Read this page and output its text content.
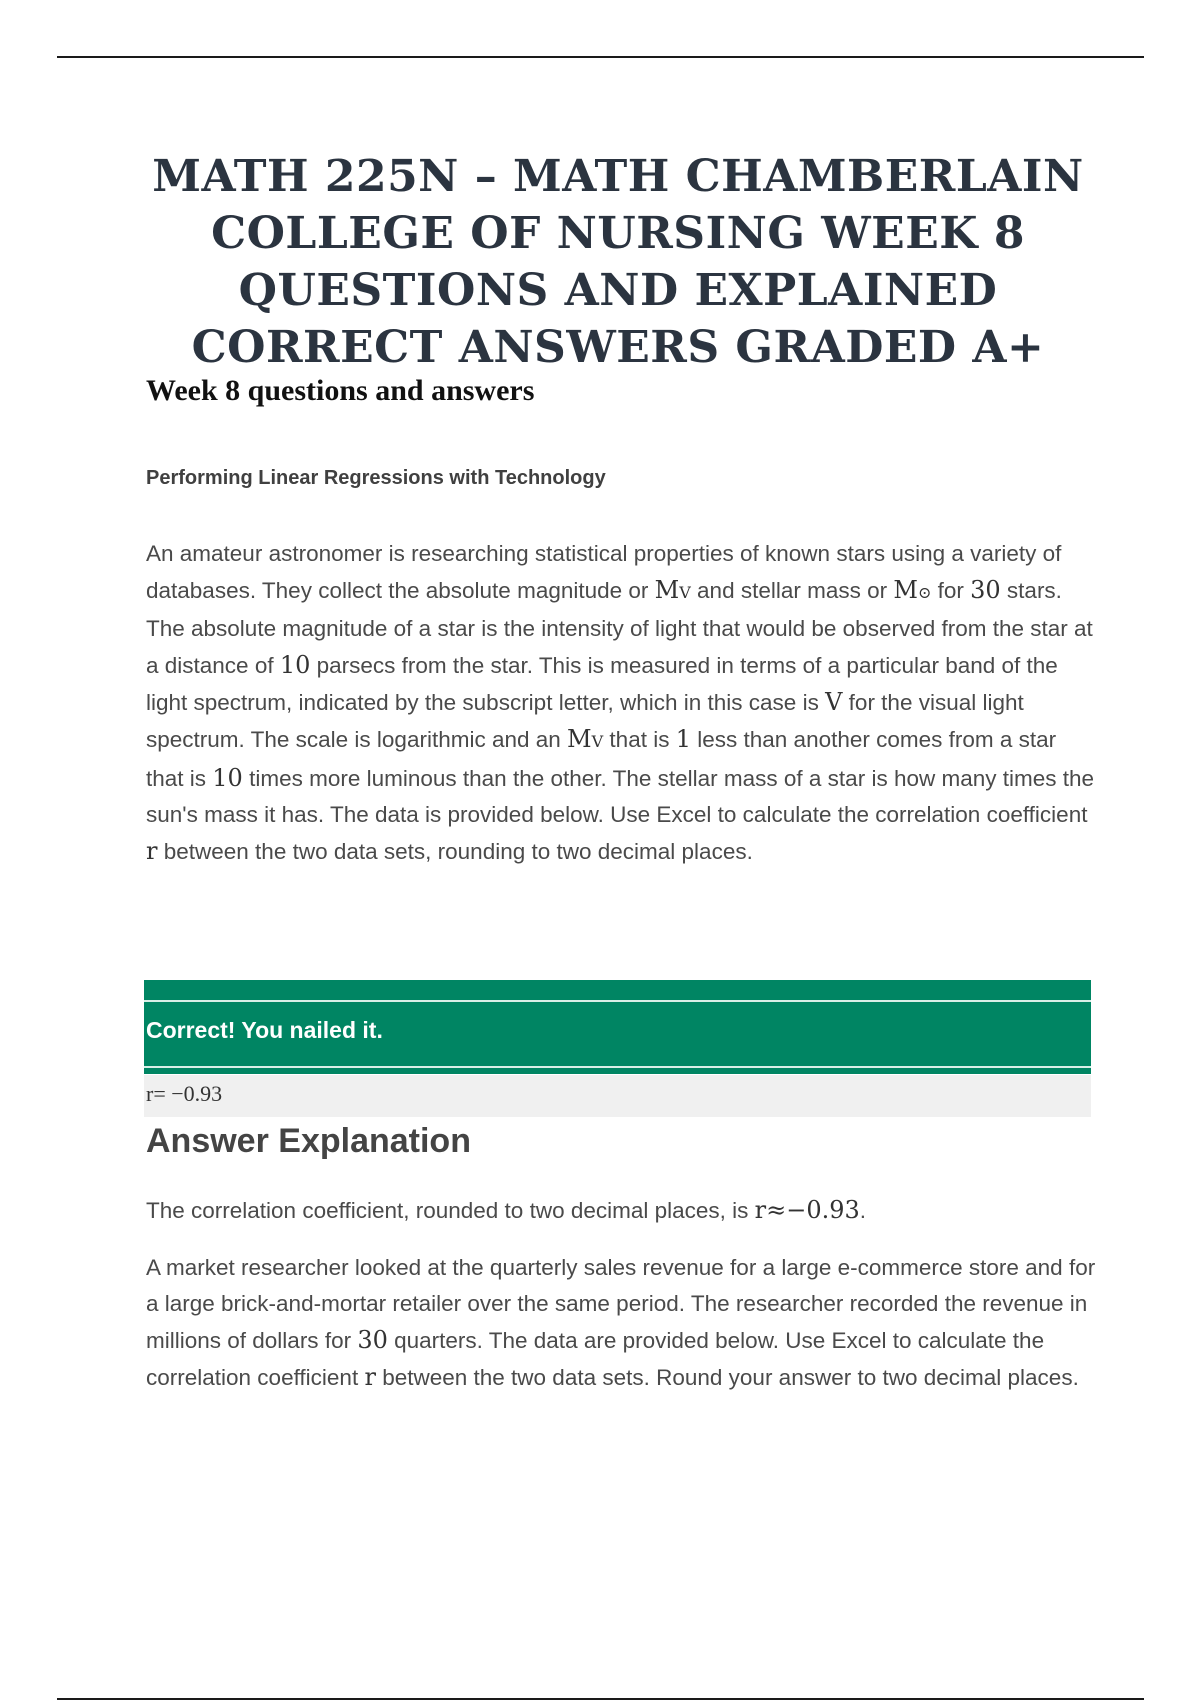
MATH 225N – MATH CHAMBERLAIN COLLEGE OF NURSING WEEK 8 QUESTIONS AND EXPLAINED CORRECT ANSWERS GRADED A+
Week 8 questions and answers
Performing Linear Regressions with Technology

An amateur astronomer is researching statistical properties of known stars using a variety of databases. They collect the absolute magnitude or MV and stellar mass or M⊙ for 30 stars. The absolute magnitude of a star is the intensity of light that would be observed from the star at a distance of 10 parsecs from the star. This is measured in terms of a particular band of the light spectrum, indicated by the subscript letter, which in this case is V for the visual light spectrum. The scale is logarithmic and an MV that is 1 less than another comes from a star that is 10 times more luminous than the other. The stellar mass of a star is how many times the sun's mass it has. The data is provided below. Use Excel to calculate the correlation coefficient r between the two data sets, rounding to two decimal places.

Correct! You nailed it.

r= −0.93

Answer Explanation

The correlation coefficient, rounded to two decimal places, is r≈−0.93.

A market researcher looked at the quarterly sales revenue for a large e-commerce store and for a large brick-and-mortar retailer over the same period. The researcher recorded the revenue in millions of dollars for 30 quarters. The data are provided below. Use Excel to calculate the correlation coefficient r between the two data sets. Round your answer to two decimal places.
